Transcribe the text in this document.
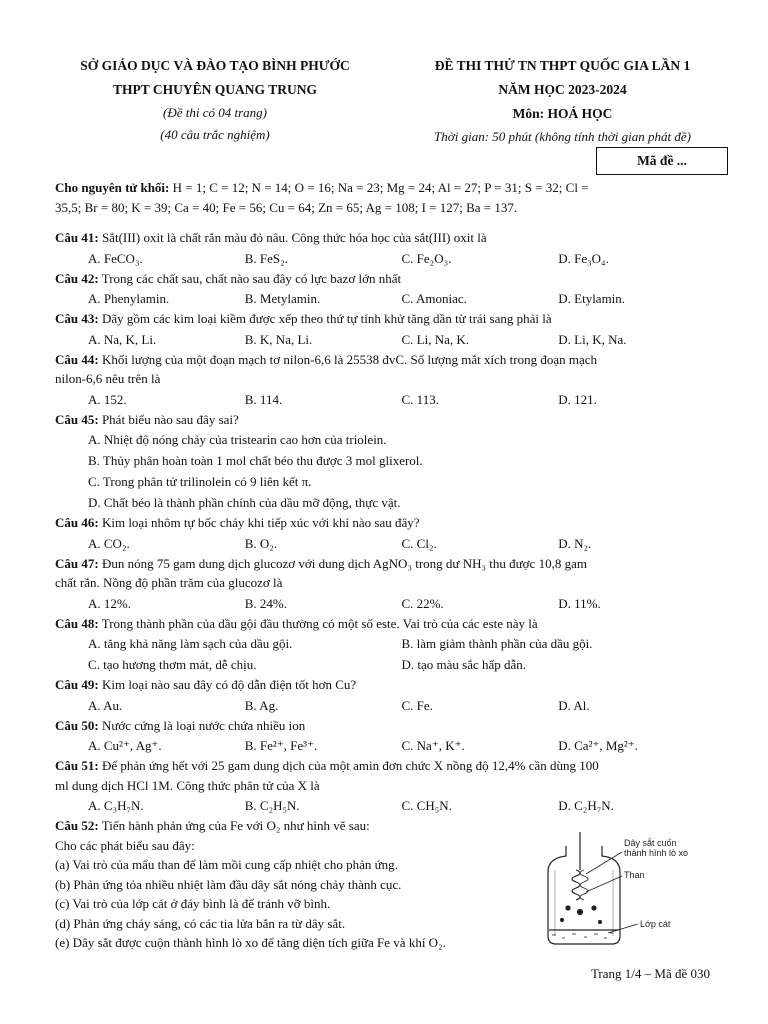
SỞ GIÁO DỤC VÀ ĐÀO TẠO BÌNH PHƯỚC
THPT CHUYÊN QUANG TRUNG
(Đề thi có 04 trang)
(40 câu trắc nghiệm)
ĐỀ THI THỬ TN THPT QUỐC GIA LẦN 1
NĂM HỌC 2023-2024
Môn: HOÁ HỌC
Thời gian: 50 phút (không tính thời gian phát đề)
Mã đề ...

Cho nguyên tử khối: H = 1; C = 12; N = 14; O = 16; Na = 23; Mg = 24; Al = 27; P = 31; S = 32; Cl =

35,5; Br = 80; K = 39; Ca = 40; Fe = 56; Cu = 64; Zn = 65; Ag = 108; I = 127; Ba = 137.

Câu 41: Sắt(III) oxit là chất rắn màu đỏ nâu. Công thức hóa học của sắt(III) oxit là

A. FeCO₃.	B. FeS₂.	C. Fe₂O₃.	D. Fe₃O₄.

Câu 42: Trong các chất sau, chất nào sau đây có lực bazơ lớn nhất

A. Phenylamin.	B. Metylamin.	C. Amoniac.	D. Etylamin.

Câu 43: Dãy gồm các kim loại kiềm được xếp theo thứ tự tính khử tăng dần từ trái sang phải là

A. Na, K, Li.	B. K, Na, Li.	C. Li, Na, K.	D. Li, K, Na.

Câu 44: Khối lượng của một đoạn mạch tơ nilon-6,6 là 25538 đvC. Số lượng mắt xích trong đoạn mạch

nilon-6,6 nêu trên là

A. 152.	B. 114.	C. 113.	D. 121.

Câu 45: Phát biểu nào sau đây sai?

A. Nhiệt độ nóng chảy của tristearin cao hơn của triolein.
B. Thủy phân hoàn toàn 1 mol chất béo thu được 3 mol glixerol.
C. Trong phân tử trilinolein có 9 liên kết π.
D. Chất béo là thành phần chính của dầu mỡ động, thực vật.

Câu 46: Kim loại nhôm tự bốc cháy khi tiếp xúc với khí nào sau đây?

A. CO₂.	B. O₂.	C. Cl₂.	D. N₂.

Câu 47: Đun nóng 75 gam dung dịch glucozơ với dung dịch AgNO₃ trong dư NH₃ thu được 10,8 gam

chất rắn. Nồng độ phần trăm của glucozơ là

A. 12%.	B. 24%.	C. 22%.	D. 11%.

Câu 48: Trong thành phần của dầu gội đầu thường có một số este. Vai trò của các este này là

A. tăng khả năng làm sạch của dầu gội.	B. làm giảm thành phần của dầu gội.
C. tạo hương thơm mát, dễ chịu.	D. tạo màu sắc hấp dẫn.

Câu 49: Kim loại nào sau đây có độ dẫn điện tốt hơn Cu?

A. Au.	B. Ag.	C. Fe.	D. Al.

Câu 50: Nước cứng là loại nước chứa nhiều ion

A. Cu²⁺, Ag⁺.	B. Fe²⁺, Fe³⁺.	C. Na⁺, K⁺.	D. Ca²⁺, Mg²⁺.

Câu 51: Để phản ứng hết với 25 gam dung dịch của một amin đơn chức X nồng độ 12,4% cần dùng 100

ml dung dịch HCl 1M. Công thức phân tử của X là

A. C₃H₇N.	B. C₂H₅N.	C. CH₅N.	D. C₂H₇N.

Câu 52: Tiến hành phản ứng của Fe với O₂ như hình vẽ sau:

Cho các phát biểu sau đây:

(a) Vai trò của mẩu than để làm mồi cung cấp nhiệt cho phản ứng.

(b) Phản ứng tỏa nhiều nhiệt làm đầu dây sắt nóng chảy thành cục.

(c) Vai trò của lớp cát ở đáy bình là để tránh vỡ bình.

(d) Phản ứng cháy sáng, có các tia lửa bắn ra từ dây sắt.

(e) Dây sắt được cuộn thành hình lò xo để tăng diện tích giữa Fe và khí O₂.

Dây sắt cuốn
thành hình lò xo
Than
Lớp cát
Trang 1/4 – Mã đề 030
